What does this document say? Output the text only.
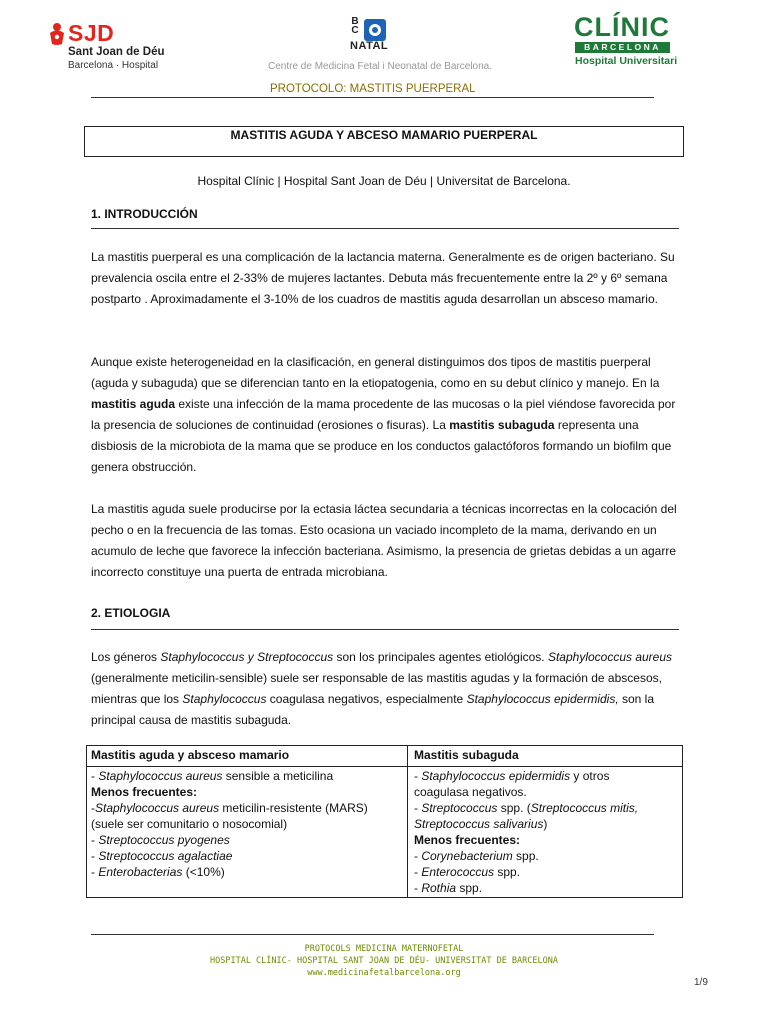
SJD
Sant Joan de Déu
Barcelona · Hospital
B
C
NATAL
Centre de Medicina Fetal i Neonatal de Barcelona.
PROTOCOLO: MASTITIS PUERPERAL
CLÍNIC
BARCELONA
Hospital Universitari
MASTITIS AGUDA Y ABCESO MAMARIO PUERPERAL
Hospital Clínic | Hospital Sant Joan de Déu | Universitat de Barcelona.
1. INTRODUCCIÓN
La mastitis puerperal es una complicación de la lactancia materna. Generalmente es de origen bacteriano. Su prevalencia oscila entre el 2-33% de mujeres lactantes. Debuta más frecuentemente entre la 2º y 6º semana postparto . Aproximadamente el 3-10% de los cuadros de mastitis aguda desarrollan un absceso mamario.
Aunque existe heterogeneidad en la clasificación, en general distinguimos dos tipos de mastitis puerperal (aguda y subaguda) que se diferencian tanto en la etiopatogenia, como en su debut clínico y manejo. En la mastitis aguda existe una infección de la mama procedente de las mucosas o la piel viéndose favorecida por la presencia de soluciones de continuidad (erosiones o fisuras). La mastitis subaguda representa una disbiosis de la microbiota de la mama que se produce en los conductos galactóforos formando un biofilm que genera obstrucción.
La mastitis aguda suele producirse por la ectasia láctea secundaria a técnicas incorrectas en la colocación del pecho o en la frecuencia de las tomas. Esto ocasiona un vaciado incompleto de la mama, derivando en un acumulo de leche que favorece la infección bacteriana. Asimismo, la presencia de grietas debidas a un agarre incorrecto constituye una puerta de entrada microbiana.
2. ETIOLOGIA
Los géneros Staphylococcus y Streptococcus son los principales agentes etiológicos. Staphylococcus aureus (generalmente meticilin-sensible) suele ser responsable de las mastitis agudas y la formación de abscesos, mientras que los Staphylococcus coagulasa negativos, especialmente Staphylococcus epidermidis, son la principal causa de mastitis subaguda.
Mastitis aguda y absceso mamario	Mastitis subaguda
- Staphylococcus aureus sensible a meticilina
Menos frecuentes:
-Staphylococcus aureus meticilin-resistente (MARS)
(suele ser comunitario o nosocomial)
- Streptococcus pyogenes
- Streptococcus agalactiae
- Enterobacterias (<10%)
- Staphylococcus epidermidis y otros
coagulasa negativos.
- Streptococcus spp. (Streptococcus mitis,
Streptococcus salivarius)
Menos frecuentes:
- Corynebacterium spp.
- Enterococcus spp.
- Rothia spp.
PROTOCOLS MEDICINA MATERNOFETAL
HOSPITAL CLÍNIC- HOSPITAL SANT JOAN DE DÉU- UNIVERSITAT DE BARCELONA
www.medicinafetalbarcelona.org
1/9
